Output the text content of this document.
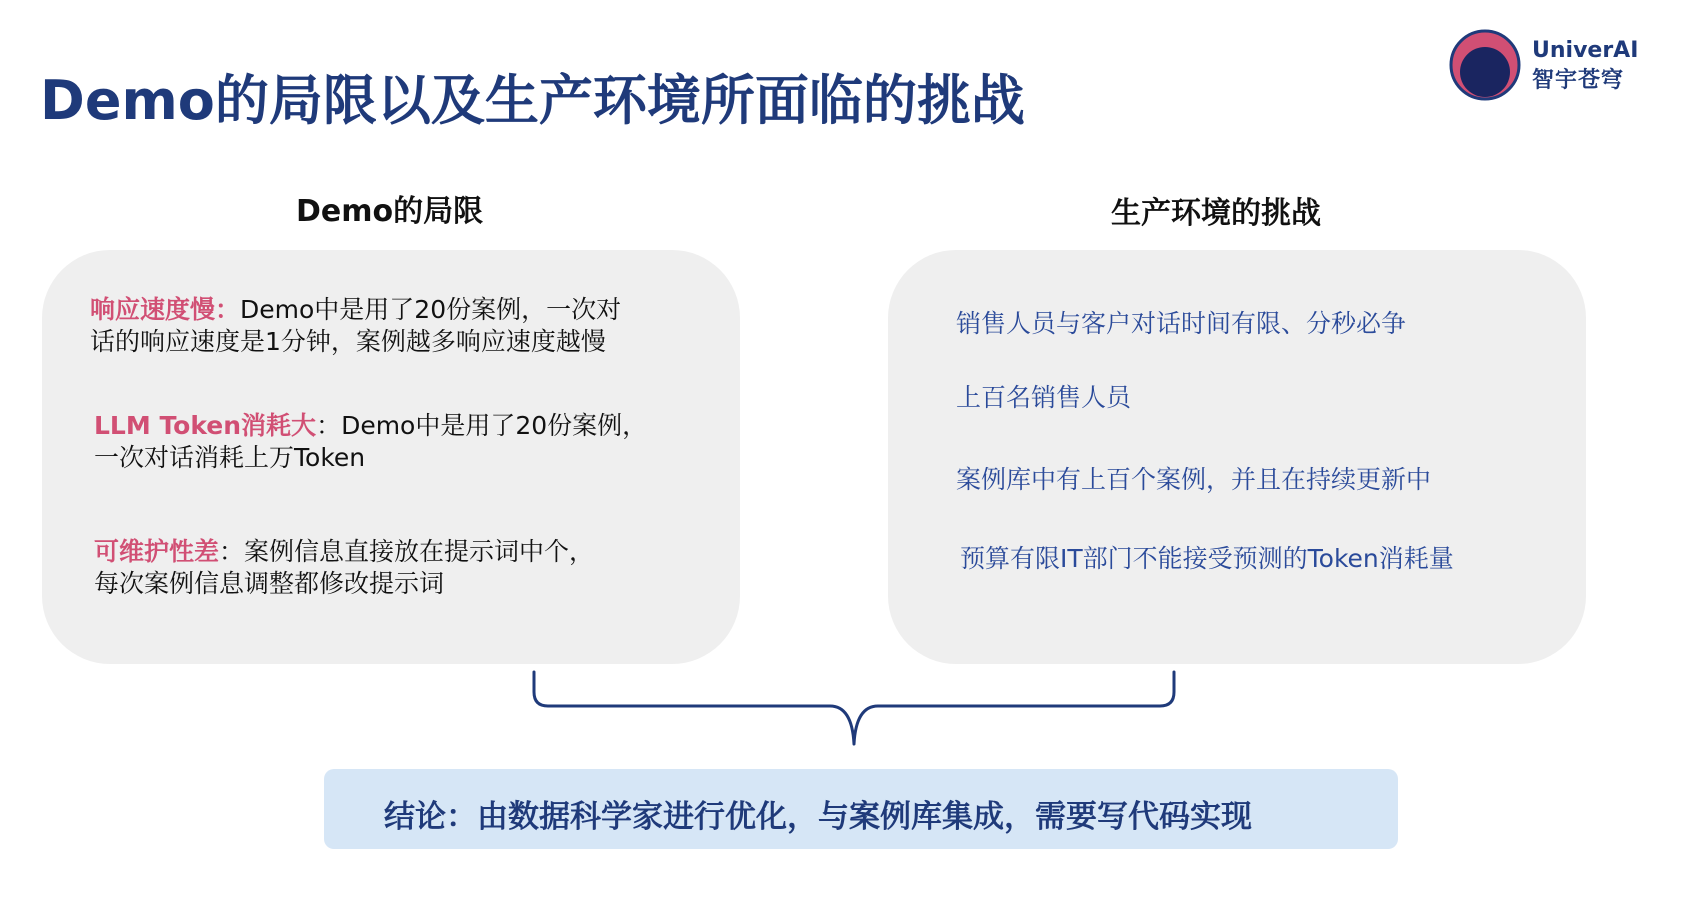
Demo的局限以及生产环境所面临的挑战
UniverAI
智宇苍穹
Demo的局限	生产环境的挑战
响应速度慢：Demo中是用了20份案例，一次对
话的响应速度是1分钟，案例越多响应速度越慢
LLM Token消耗大：Demo中是用了20份案例，
一次对话消耗上万Token
可维护性差：案例信息直接放在提示词中个，
每次案例信息调整都修改提示词
销售人员与客户对话时间有限、分秒必争
上百名销售人员
案例库中有上百个案例，并且在持续更新中
预算有限IT部门不能接受预测的Token消耗量
结论：由数据科学家进行优化，与案例库集成，需要写代码实现
